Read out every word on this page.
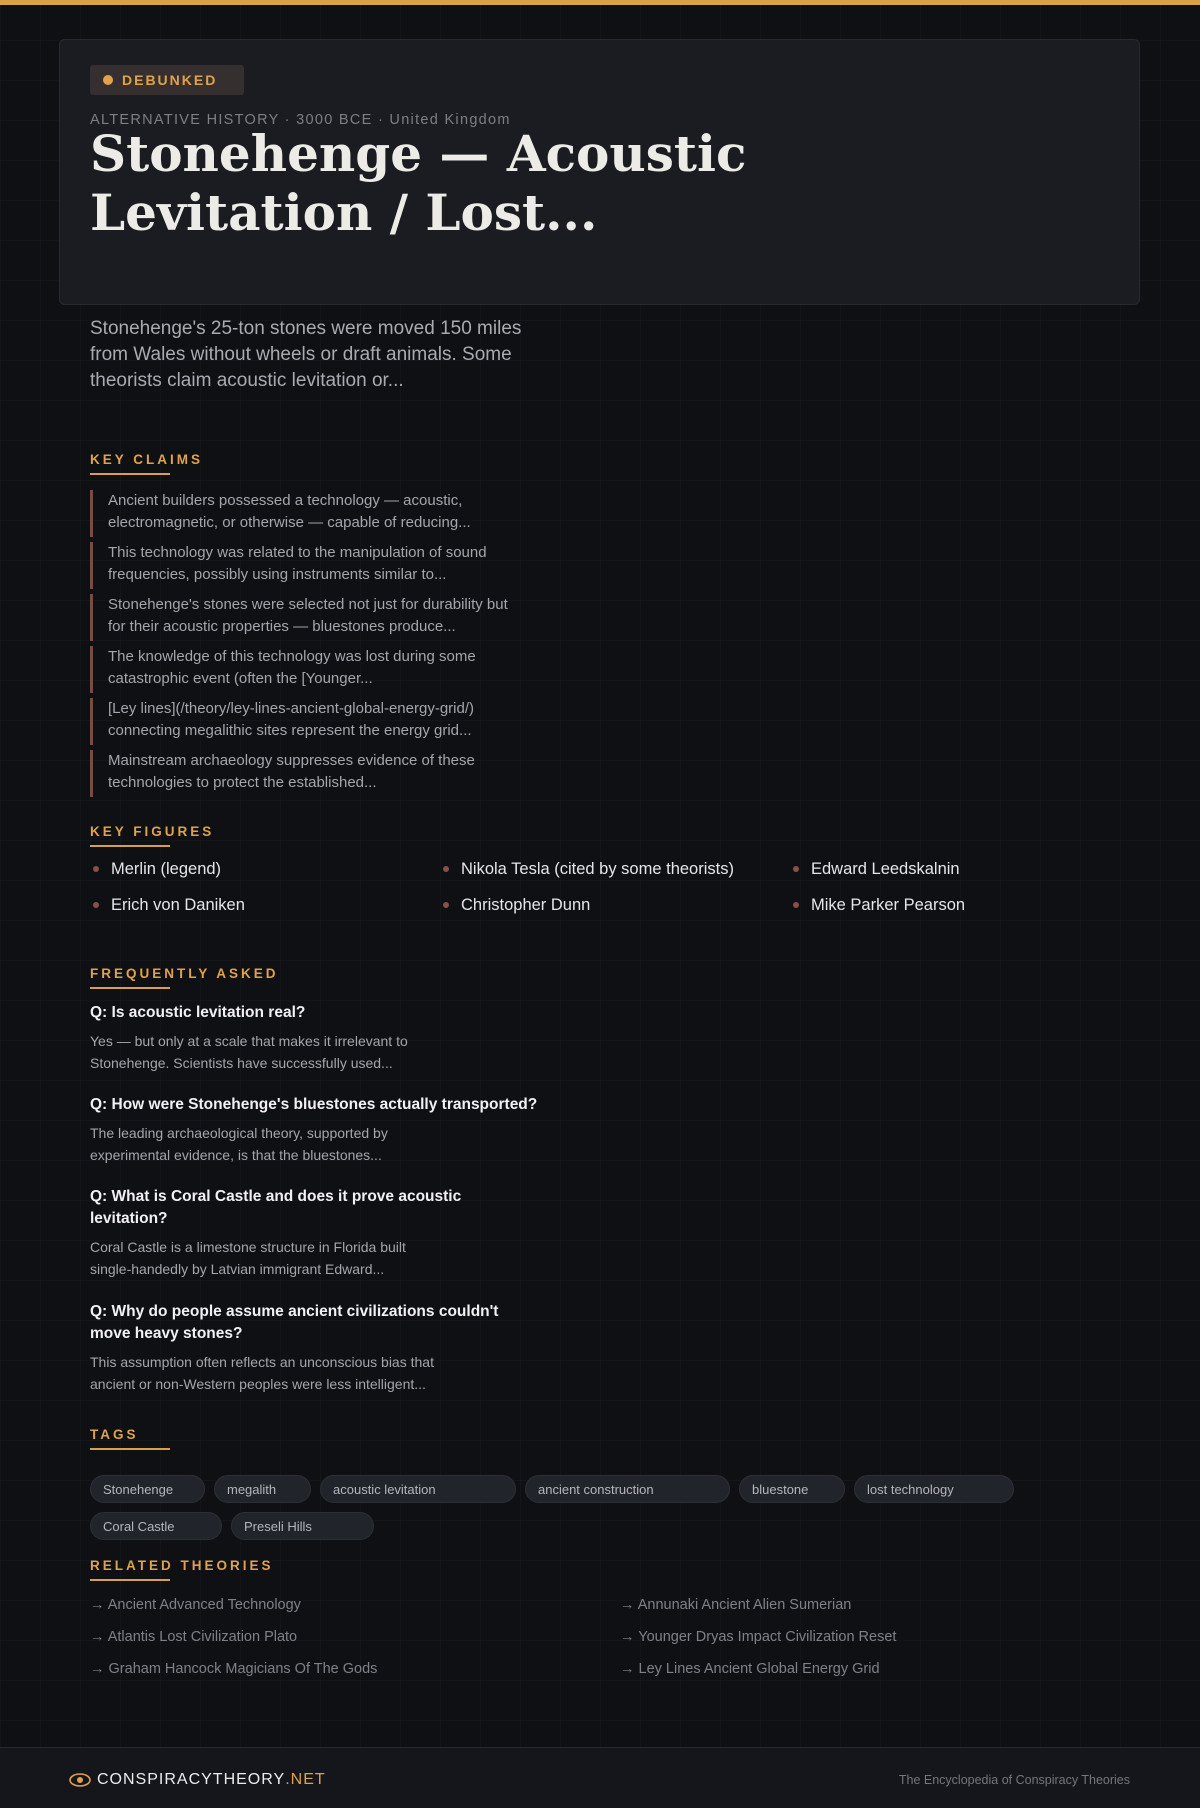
DEBUNKED
ALTERNATIVE HISTORY · 3000 BCE · United Kingdom
Stonehenge — Acoustic Levitation / Lost...

Stonehenge's 25-ton stones were moved 150 miles from Wales without wheels or draft animals. Some theorists claim acoustic levitation or...

KEY CLAIMS
Ancient builders possessed a technology — acoustic, electromagnetic, or otherwise — capable of reducing...
This technology was related to the manipulation of sound frequencies, possibly using instruments similar to...
Stonehenge's stones were selected not just for durability but for their acoustic properties — bluestones produce...
The knowledge of this technology was lost during some catastrophic event (often the [Younger...
[Ley lines](/theory/ley-lines-ancient-global-energy-grid/) connecting megalithic sites represent the energy grid...
Mainstream archaeology suppresses evidence of these technologies to protect the established...
KEY FIGURES
Merlin (legend)	Nikola Tesla (cited by some theorists)	Edward Leedskalnin
Erich von Daniken	Christopher Dunn	Mike Parker Pearson
FREQUENTLY ASKED
Q: Is acoustic levitation real?
Yes — but only at a scale that makes it irrelevant to Stonehenge. Scientists have successfully used...
Q: How were Stonehenge's bluestones actually transported?
The leading archaeological theory, supported by experimental evidence, is that the bluestones...
Q: What is Coral Castle and does it prove acoustic levitation?
Coral Castle is a limestone structure in Florida built single-handedly by Latvian immigrant Edward...
Q: Why do people assume ancient civilizations couldn't move heavy stones?
This assumption often reflects an unconscious bias that ancient or non-Western peoples were less intelligent...
TAGS
Stonehenge	megalith	acoustic levitation	ancient construction	bluestone	lost technology
Coral Castle	Preseli Hills
RELATED THEORIES
→ Ancient Advanced Technology	→ Annunaki Ancient Alien Sumerian
→ Atlantis Lost Civilization Plato	→ Younger Dryas Impact Civilization Reset
→ Graham Hancock Magicians Of The Gods	→ Ley Lines Ancient Global Energy Grid
CONSPIRACYTHEORY .NET	The Encyclopedia of Conspiracy Theories
